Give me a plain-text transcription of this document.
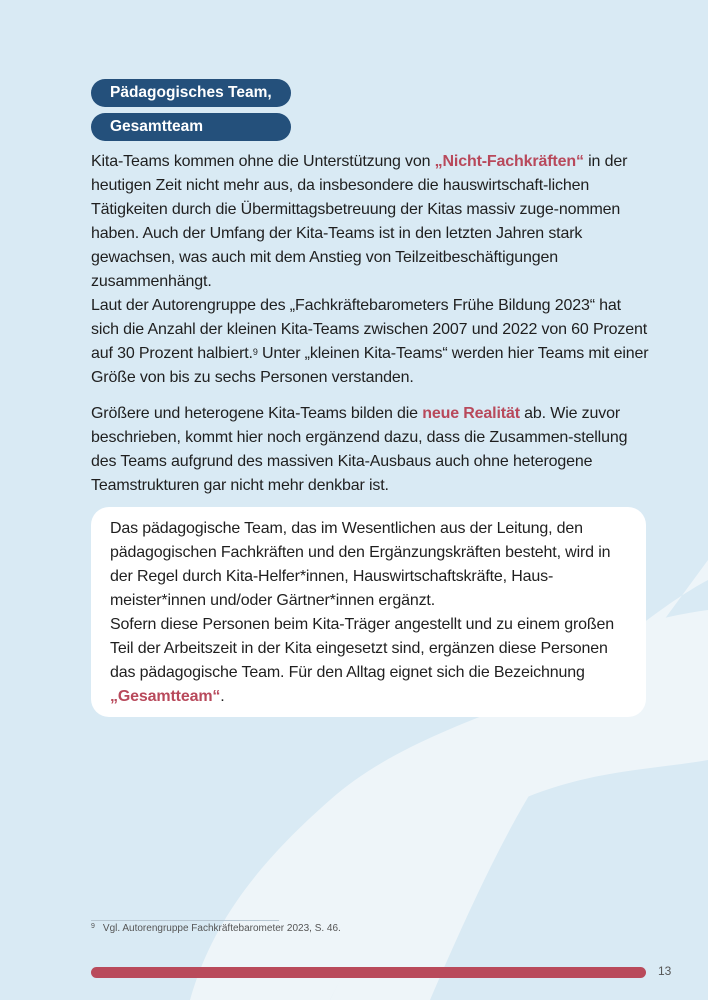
Pädagogisches Team,
Gesamtteam

Kita-Teams kommen ohne die Unterstützung von „Nicht-Fachkräften“ in der heutigen Zeit nicht mehr aus, da insbesondere die hauswirtschaft-lichen Tätigkeiten durch die Übermittagsbetreuung der Kitas massiv zuge-nommen haben. Auch der Umfang der Kita-Teams ist in den letzten Jahren stark gewachsen, was auch mit dem Anstieg von Teilzeitbeschäftigungen zusammenhängt.

Laut der Autorengruppe des „Fachkräftebarometers Frühe Bildung 2023“ hat sich die Anzahl der kleinen Kita-Teams zwischen 2007 und 2022 von 60 Prozent auf 30 Prozent halbiert.$^9$ Unter „kleinen Kita-Teams“ werden hier Teams mit einer Größe von bis zu sechs Personen verstanden.

Größere und heterogene Kita-Teams bilden die neue Realität ab. Wie zuvor beschrieben, kommt hier noch ergänzend dazu, dass die Zusammen-stellung des Teams aufgrund des massiven Kita-Ausbaus auch ohne heterogene Teamstrukturen gar nicht mehr denkbar ist.

Das pädagogische Team, das im Wesentlichen aus der Leitung, den pädagogischen Fachkräften und den Ergänzungskräften besteht, wird in der Regel durch Kita-Helfer*innen, Hauswirtschaftskräfte, Haus-meister*innen und/oder Gärtner*innen ergänzt.

Sofern diese Personen beim Kita-Träger angestellt und zu einem großen Teil der Arbeitszeit in der Kita eingesetzt sind, ergänzen diese Personen das pädagogische Team. Für den Alltag eignet sich die Bezeichnung „Gesamtteam“.

$^9$ Vgl. Autorengruppe Fachkräftebarometer 2023, S. 46.
13
